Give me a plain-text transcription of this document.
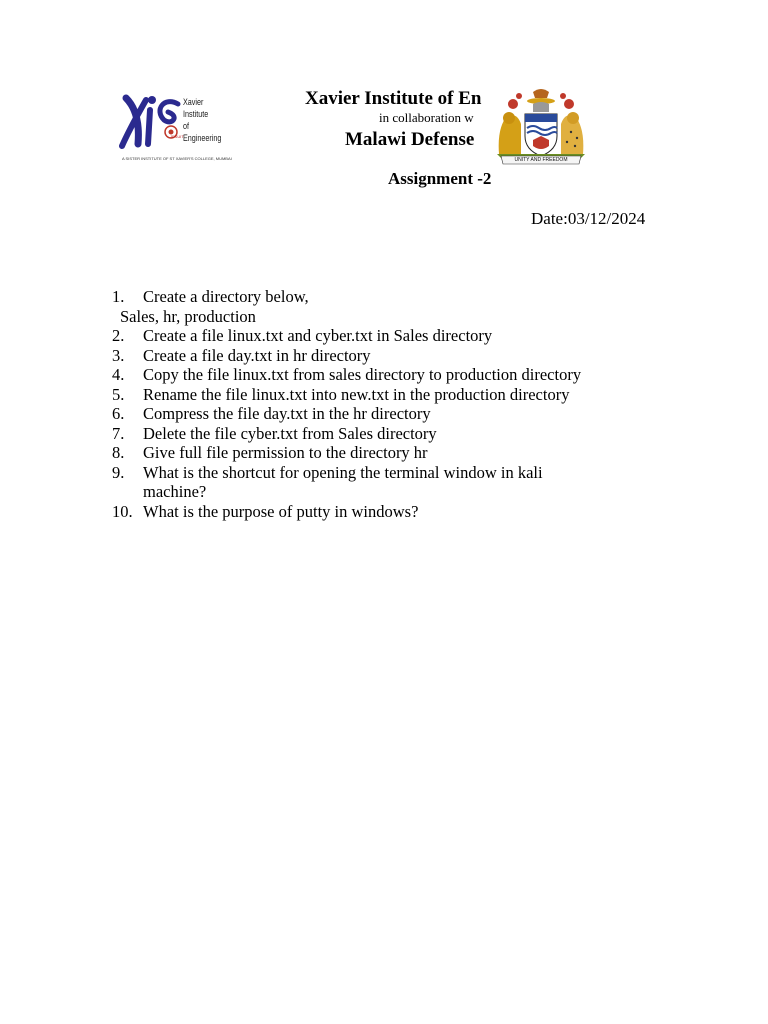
JESUIT
Xavier
Institute
of
Engineering
A SISTER INSTITUTE OF ST XAVIER'S COLLEGE, MUMBAI
Xavier Institute of En
in collaboration w
Malawi Defense
UNITY AND FREEDOM
Assignment -2
Date:03/12/2024
1.	Create a directory below,
Sales, hr, production
2.	Create a file linux.txt and cyber.txt in Sales directory
3.	Create a file day.txt in hr directory
4.	Copy the file linux.txt from sales directory to production directory
5.	Rename the file linux.txt into new.txt in the production directory
6.	Compress the file day.txt in the hr directory
7.	Delete the file cyber.txt from Sales directory
8.	Give full file permission to the directory hr
9.	What is the shortcut for opening the terminal window in kali
machine?
10. What is the purpose of putty in windows?
